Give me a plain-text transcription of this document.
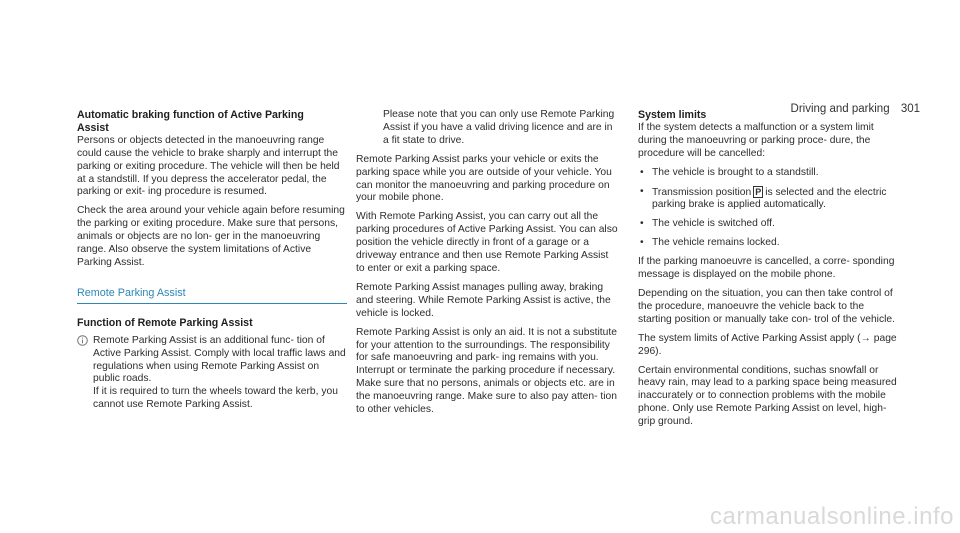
Driving and parking 301
Automatic braking function of Active Parking
Assist

Persons or objects detected in the manoeuvring range could cause the vehicle to brake sharply and interrupt the parking or exiting procedure. The vehicle will then be held at a standstill. If you depress the accelerator pedal, the parking or exit- ing procedure is resumed.

Check the area around your vehicle again before resuming the parking or exiting procedure. Make sure that persons, animals or objects are no lon- ger in the manoeuvring range. Also observe the system limitations of Active Parking Assist.

Remote Parking Assist
Function of Remote Parking Assist
Remote Parking Assist is an additional func- tion of Active Parking Assist. Comply with local traffic laws and regulations when using Remote Parking Assist on public roads.
If it is required to turn the wheels toward the kerb, you cannot use Remote Parking Assist.

Please note that you can only use Remote Parking Assist if you have a valid driving licence and are in a fit state to drive.

Remote Parking Assist parks your vehicle or exits the parking space while you are outside of your vehicle. You can monitor the manoeuvring and parking procedure on your mobile phone.

With Remote Parking Assist, you can carry out all the parking procedures of Active Parking Assist. You can also position the vehicle directly in front of a garage or a driveway entrance and then use Remote Parking Assist to enter or exit a parking space.

Remote Parking Assist manages pulling away, braking and steering. While Remote Parking Assist is active, the vehicle is locked.

Remote Parking Assist is only an aid. It is not a substitute for your attention to the surroundings. The responsibility for safe manoeuvring and park- ing remains with you. Interrupt or terminate the parking procedure if necessary. Make sure that no persons, animals or objects etc. are in the manoeuvring range. Make sure to also pay atten- tion to other vehicles.

System limits

If the system detects a malfunction or a system limit during the manoeuvring or parking proce- dure, the procedure will be cancelled:

• The vehicle is brought to a standstill.
• Transmission position P is selected and the electric parking brake is applied automatically.
• The vehicle is switched off.
• The vehicle remains locked.

If the parking manoeuvre is cancelled, a corre- sponding message is displayed on the mobile phone.

Depending on the situation, you can then take control of the procedure, manoeuvre the vehicle back to the starting position or manually take con- trol of the vehicle.

The system limits of Active Parking Assist apply (→ page 296).

Certain environmental conditions, suchas snowfall or heavy rain, may lead to a parking space being measured inaccurately or to connection problems with the mobile phone. Only use Remote Parking Assist on level, high-grip ground.

carmanualsonline.info
